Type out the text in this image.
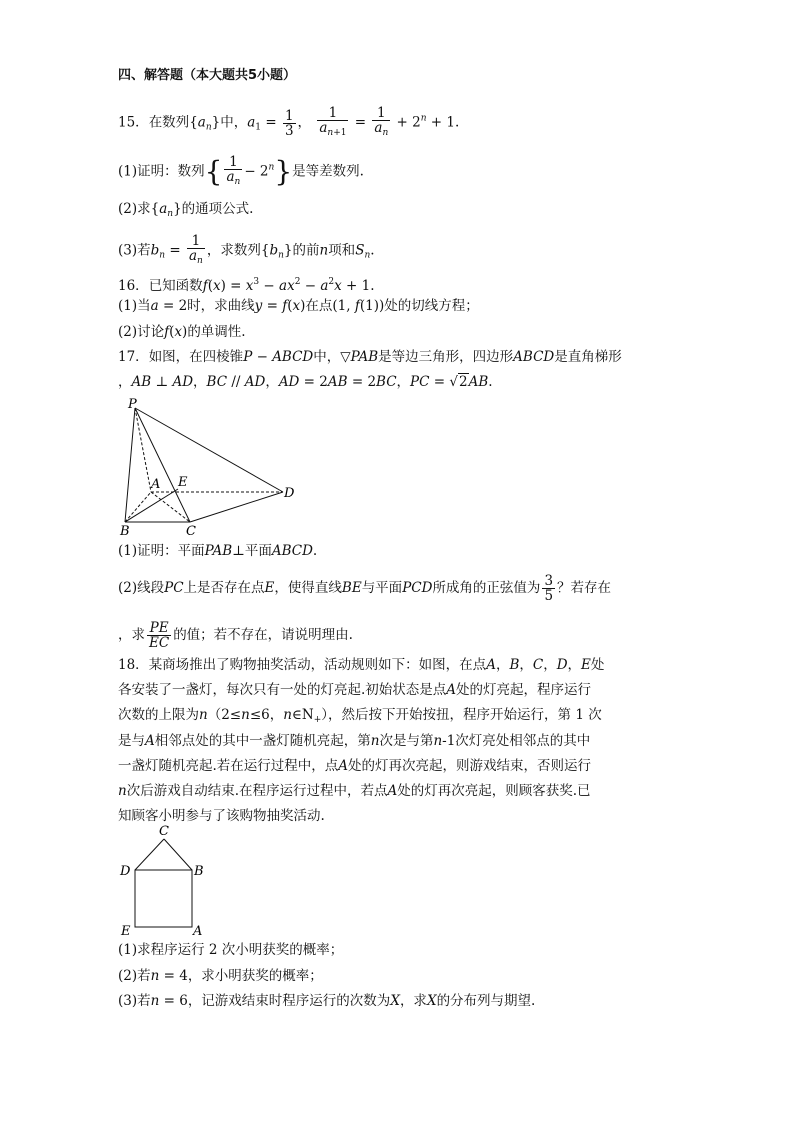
四、解答题（本大题共5小题）
15．在数列$\{a_n\}$中，$a_1 = \frac{1}{3}$ ， $\frac{1}{a_{n+1}} = \frac{1}{a_n} + 2^n + 1$.
(1)证明：数列{ $\frac{1}{a_n} - 2^n$}是等差数列.
(2)求$\{a_n\}$的通项公式.
(3)若$b_n = \frac{1}{a_n}$ ，求数列$\{b_n\}$的前n项和$S_n$.
16．已知函数$f(x) = x^3 - ax^2 - a^2x + 1$.
(1)当a = 2时，求曲线y = f(x)在点(1, f(1))处的切线方程；
(2)讨论f(x)的单调性.
17．如图，在四棱锥P − ABCD中，▽PAB是等边三角形，四边形ABCD是直角梯形
，AB ⊥ AD，BC // AD，AD = 2AB = 2BC，PC = √2AB.
P
A E
D
B	C
(1)证明：平面PAB⊥平面ABCD.
(2)线段PC上是否存在点E，使得直线BE与平面PCD所成角的正弦值为 $\frac{3}{5}$ ？若存在
，求 $\frac{PE}{EC}$ 的值；若不存在，请说明理由.
18．某商场推出了购物抽奖活动，活动规则如下：如图，在点A，B，C，D，E处
各安装了一盏灯，每次只有一处的灯亮起.初始状态是点A处的灯亮起，程序运行
次数的上限为n（2≤n≤6，$n\in N_+$），然后按下开始按扭，程序开始运行，第 1 次
是与A相邻点处的其中一盏灯随机亮起，第n次是与第n-1次灯亮处相邻点的其中
一盏灯随机亮起.若在运行过程中，点A处的灯再次亮起，则游戏结束，否则运行
n次后游戏自动结束.在程序运行过程中，若点A处的灯再次亮起，则顾客获奖.已
知顾客小明参与了该购物抽奖活动.
C
D	B
E	A
(1)求程序运行 2 次小明获奖的概率；
(2)若n = 4，求小明获奖的概率；
(3)若n = 6，记游戏结束时程序运行的次数为X，求X的分布列与期望.
